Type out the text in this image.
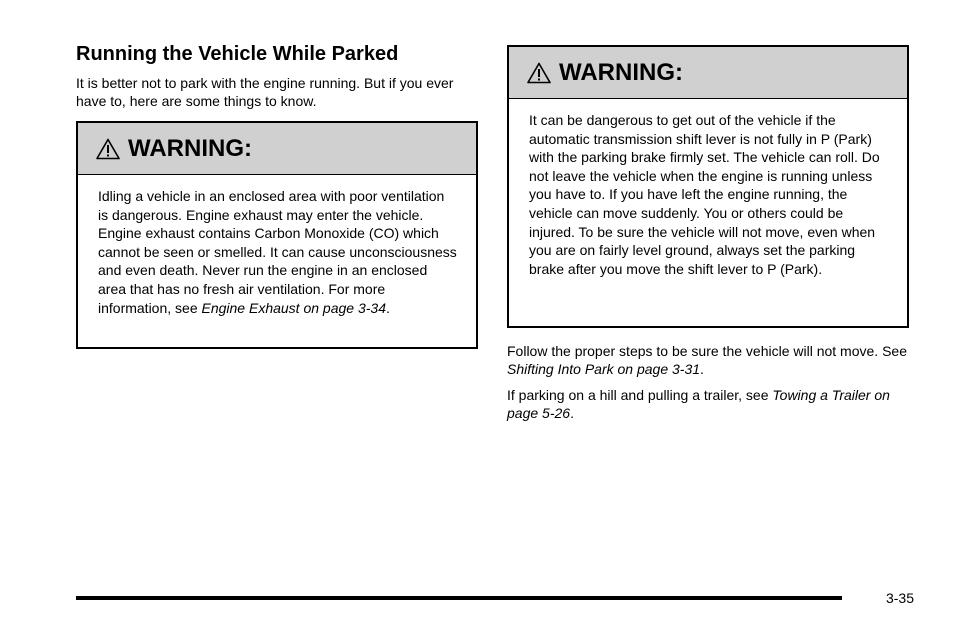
Running the Vehicle While Parked

It is better not to park with the engine running. But if you ever have to, here are some things to know.

WARNING:

Idling a vehicle in an enclosed area with poor ventilation is dangerous. Engine exhaust may enter the vehicle. Engine exhaust contains Carbon Monoxide (CO) which cannot be seen or smelled. It can cause unconsciousness and even death. Never run the engine in an enclosed area that has no fresh air ventilation. For more information, see Engine Exhaust on page 3-34.

WARNING:

It can be dangerous to get out of the vehicle if the automatic transmission shift lever is not fully in P (Park) with the parking brake firmly set. The vehicle can roll. Do not leave the vehicle when the engine is running unless you have to. If you have left the engine running, the vehicle can move suddenly. You or others could be injured. To be sure the vehicle will not move, even when you are on fairly level ground, always set the parking brake after you move the shift lever to P (Park).

Follow the proper steps to be sure the vehicle will not move. See Shifting Into Park on page 3-31.

If parking on a hill and pulling a trailer, see Towing a Trailer on page 5-26.

3-35
